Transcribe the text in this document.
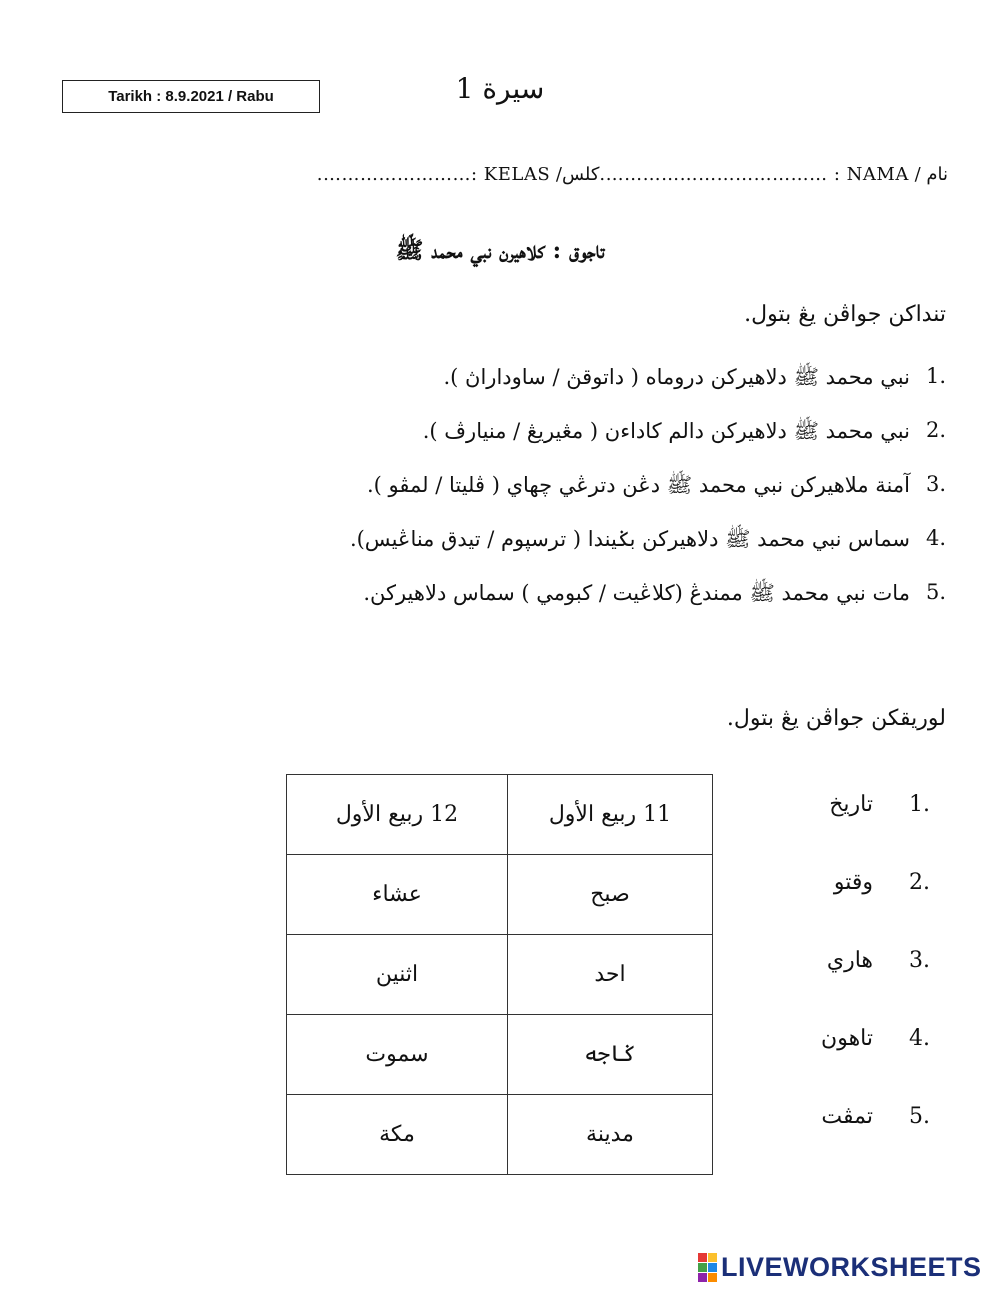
Tarikh : 8.9.2021 / Rabu	سيرة 1
نام / NAMA : ……………………………….كلس/ KELAS :…………………….
تاجوق : كلاهيرن نبي محمد ﷺ
تنداكن جواڤن يڠ بتول.
1.
نبي محمد ﷺ دلاهيركن دروماه ( داتوقڽ / ساوداراڽ ).
2.
نبي محمد ﷺ دلاهيركن دالم كاداءن ( مڠيريڠ / منيارڤ ).
3.
آمنة ملاهيركن نبي محمد ﷺ دڠن دترڠي چهاي ( ڤليتا / لمڤو ).
4.
سماس نبي محمد ﷺ دلاهيركن بݢيندا ( ترسڽوم / تيدق مناڠيس).
5.
مات نبي محمد ﷺ ممندڠ (كلاڠيت / كبومي ) سماس دلاهيركن.
لوريقكن جواڤن يڠ بتول.
12 ربيع الأول	11 ربيع الأول
عشاء	صبح
اثنين	احد
سموت	ݢاجه
مكة	مدينة
1.
تاريخ
2.
وقتو
3.
هاري
4.
تاهون
5.
تمڤت
LIVEWORKSHEETS
